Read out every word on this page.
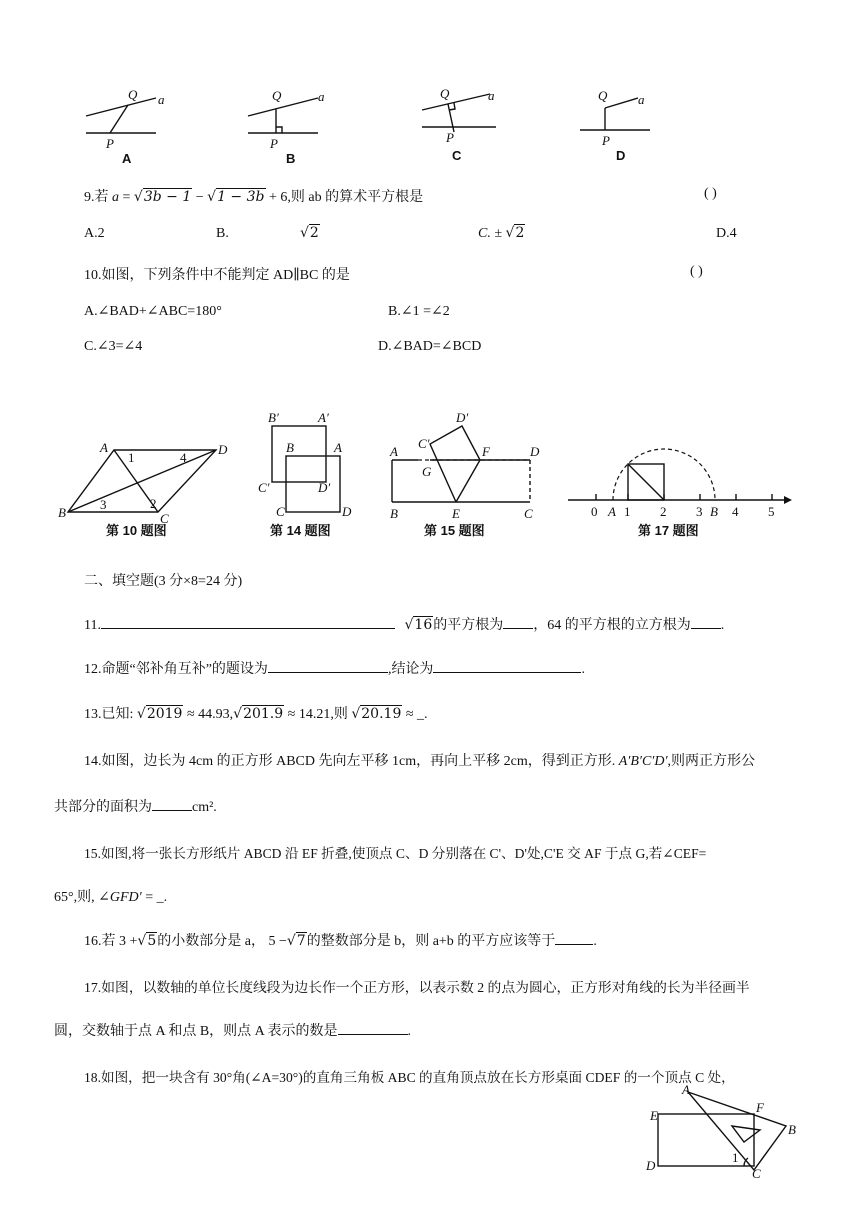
Q a
P
A
Q	a
P
B
Q	a
P
C
Q a
P
D
9.若 a = √3b − 1 − √1 − 3b + 6,则 ab 的算术平方根是	( )
A.2	B.	√2	C. ± √2	D.4
10.如图，下列条件中不能判定 AD∥BC 的是	( )
A.∠BAD+∠ABC=180°	B.∠1 =∠2
C.∠3=∠4	D.∠BAD=∠BCD
A	D
B	C
1	4
3	2
第 10 题图
B′	A′
B	A
C′	D′
C	D
第 14 题图
A
G
F	D
C′
D′
B	E	C
第 15 题图
0 A 1 2 3 B 4 5
第 17 题图
二、填空题(3 分×8=24 分)
11.	√16的平方根为 ，64 的平方根的立方根为 .
12.命题“邻补角互补”的题设为	,结论为	.
13.已知: √2019 ≈ 44.93,√201.9 ≈ 14.21,则 √20.19 ≈ _.
14.如图，边长为 4cm 的正方形 ABCD 先向左平移 1cm，再向上平移 2cm，得到正方形. A′B′C′D′,则两正方形公
共部分的面积为	cm².
15.如图,将一张长方形纸片 ABCD 沿 EF 折叠,使顶点 C、D 分别落在 C'、D'处,C'E 交 AF 于点 G,若∠CEF=
65°,则, ∠GFD′ = _.
16.若 3 +√5的小数部分是 a， 5 −√7的整数部分是 b，则 a+b 的平方应该等于	.
17.如图，以数轴的单位长度线段为边长作一个正方形，以表示数 2 的点为圆心，正方形对角线的长为半径画半
圆，交数轴于点 A 和点 B，则点 A 表示的数是	.
18.如图，把一块含有 30°角(∠A=30°)的直角三角板 ABC 的直角顶点放在长方形桌面 CDEF 的一个顶点 C 处，
A
E
F
B
D
C
1
